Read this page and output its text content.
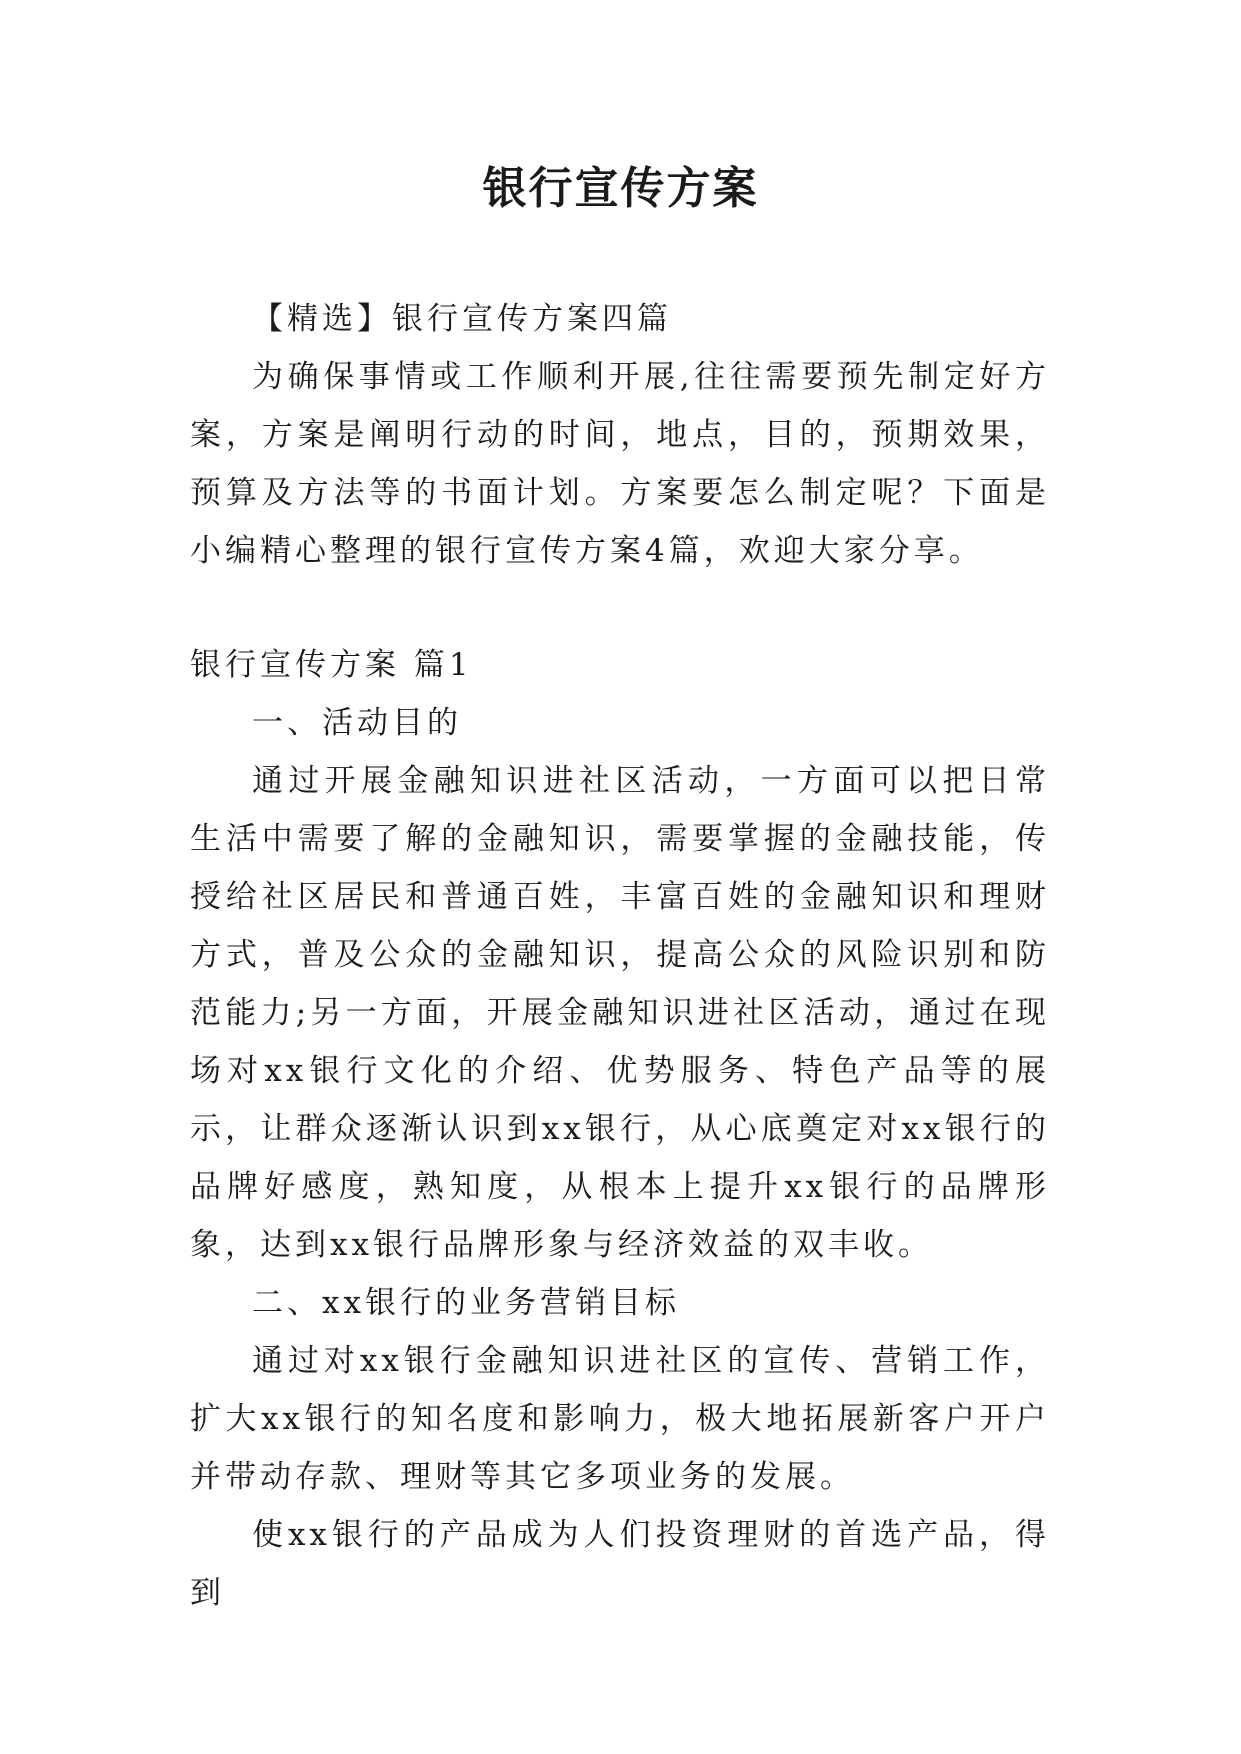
银行宣传方案

【精选】银行宣传方案四篇

为确保事情或工作顺利开展,往往需要预先制定好方案，方案是阐明行动的时间，地点，目的，预期效果，预算及方法等的书面计划。方案要怎么制定呢？下面是小编精心整理的银行宣传方案4篇，欢迎大家分享。

银行宣传方案 篇1

一、活动目的

通过开展金融知识进社区活动，一方面可以把日常生活中需要了解的金融知识，需要掌握的金融技能，传授给社区居民和普通百姓，丰富百姓的金融知识和理财方式，普及公众的金融知识，提高公众的风险识别和防范能力;另一方面，开展金融知识进社区活动，通过在现场对xx银行文化的介绍、优势服务、特色产品等的展示，让群众逐渐认识到xx银行，从心底奠定对xx银行的品牌好感度，熟知度，从根本上提升xx银行的品牌形象，达到xx银行品牌形象与经济效益的双丰收。

二、xx银行的业务营销目标

通过对xx银行金融知识进社区的宣传、营销工作，扩大xx银行的知名度和影响力，极大地拓展新客户开户并带动存款、理财等其它多项业务的发展。

使xx银行的产品成为人们投资理财的首选产品，得到
